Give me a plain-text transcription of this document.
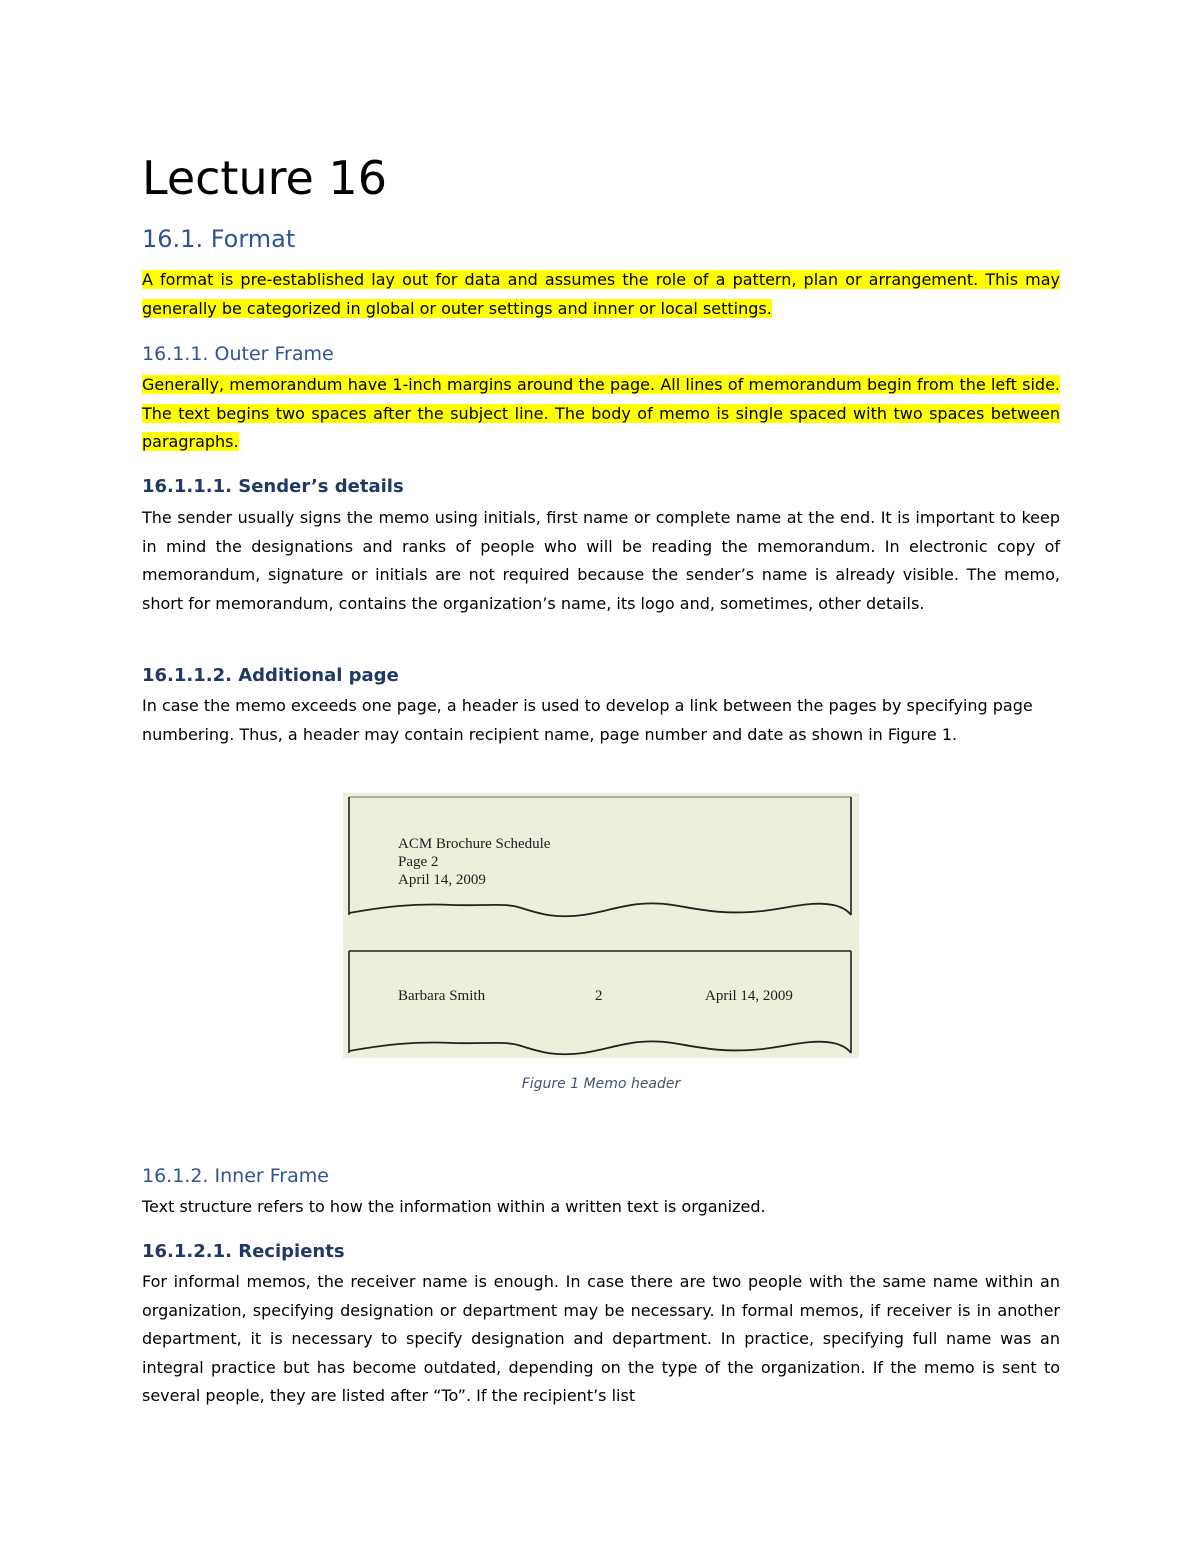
Lecture 16
16.1. Format

A format is pre-established lay out for data and assumes the role of a pattern, plan or arrangement. This may generally be categorized in global or outer settings and inner or local settings.

16.1.1. Outer Frame

Generally, memorandum have 1-inch margins around the page. All lines of memorandum begin from the left side. The text begins two spaces after the subject line. The body of memo is single spaced with two spaces between paragraphs.

16.1.1.1. Sender’s details

The sender usually signs the memo using initials, first name or complete name at the end. It is important to keep in mind the designations and ranks of people who will be reading the memorandum. In electronic copy of memorandum, signature or initials are not required because the sender’s name is already visible. The memo, short for memorandum, contains the organization’s name, its logo and, sometimes, other details.

16.1.1.2. Additional page

In case the memo exceeds one page, a header is used to develop a link between the pages by specifying page numbering. Thus, a header may contain recipient name, page number and date as shown in Figure 1.

ACM Brochure Schedule
Page 2
April 14, 2009
Barbara Smith	2	April 14, 2009

Figure 1 Memo header

16.1.2. Inner Frame

Text structure refers to how the information within a written text is organized.

16.1.2.1. Recipients

For informal memos, the receiver name is enough. In case there are two people with the same name within an organization, specifying designation or department may be necessary. In formal memos, if receiver is in another department, it is necessary to specify designation and department. In practice, specifying full name was an integral practice but has become outdated, depending on the type of the organization. If the memo is sent to several people, they are listed after “To”. If the recipient’s list
